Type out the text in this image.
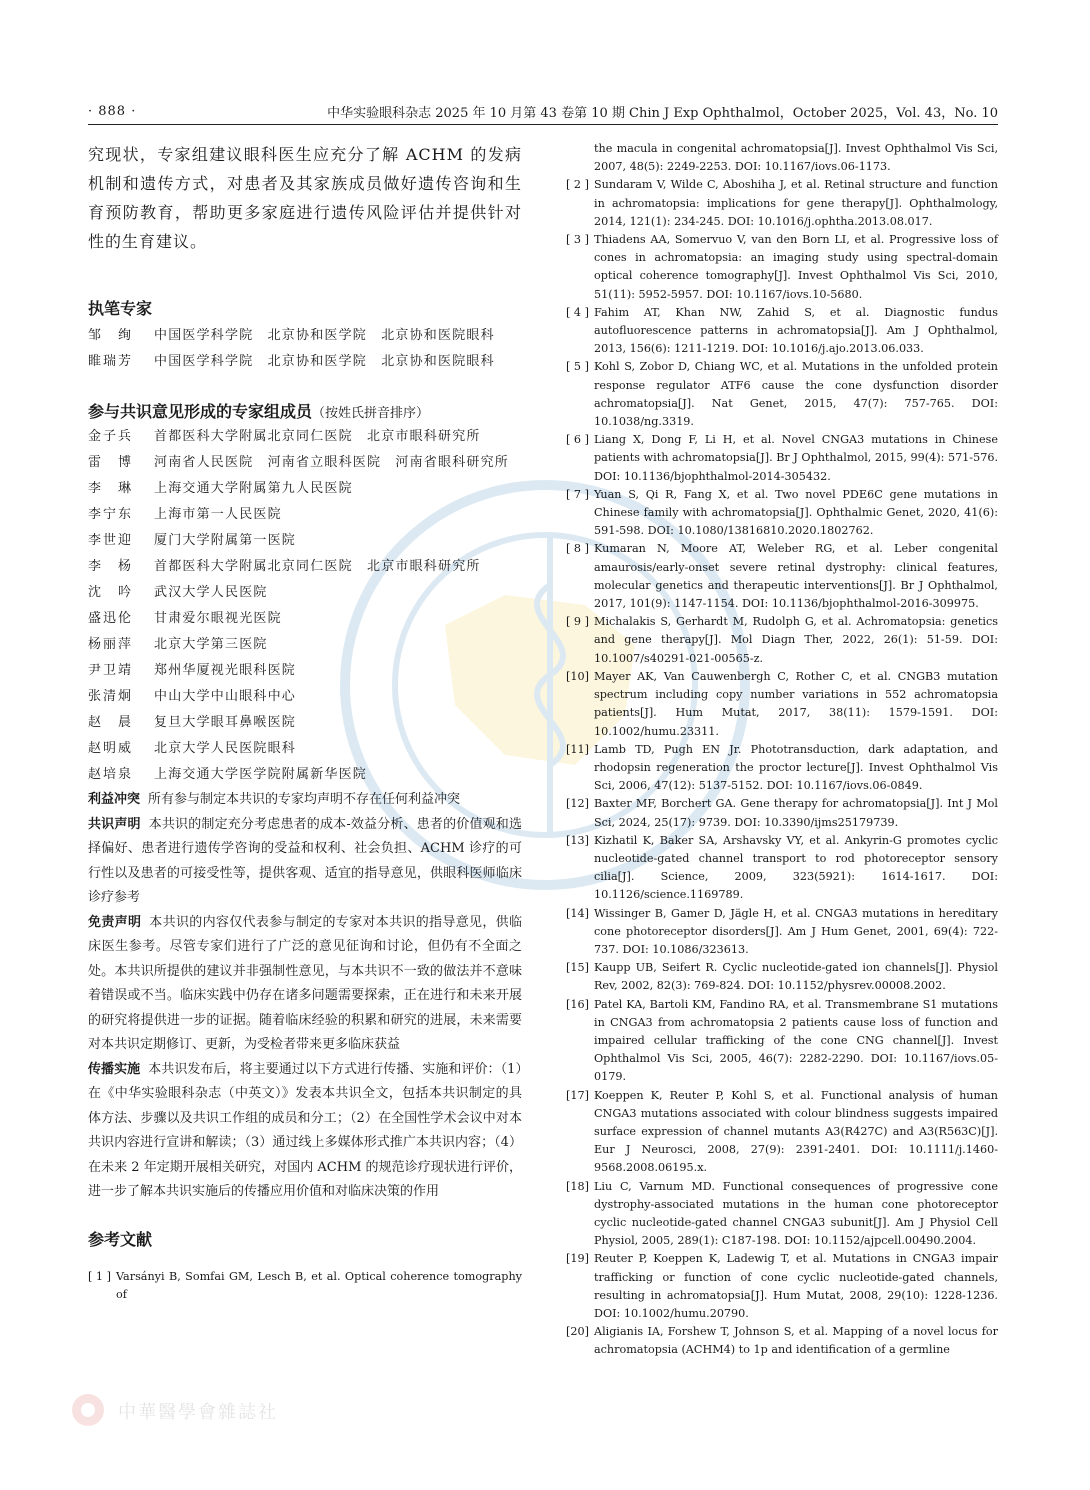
· 888 ·	中华实验眼科杂志 2025 年 10 月第 43 卷第 10 期 Chin J Exp Ophthalmol，October 2025，Vol. 43，No. 10

究现状，专家组建议眼科医生应充分了解 ACHM 的发病机制和遗传方式，对患者及其家族成员做好遗传咨询和生育预防教育，帮助更多家庭进行遗传风险评估并提供针对性的生育建议。

执笔专家
邹　绚	中国医学科学院　北京协和医学院　北京协和医院眼科
睢瑞芳	中国医学科学院　北京协和医学院　北京协和医院眼科
参与共识意见形成的专家组成员（按姓氏拼音排序）
金子兵	首都医科大学附属北京同仁医院　北京市眼科研究所
雷　博	河南省人民医院　河南省立眼科医院　河南省眼科研究所
李　琳	上海交通大学附属第九人民医院
李宁东	上海市第一人民医院
李世迎	厦门大学附属第一医院
李　杨	首都医科大学附属北京同仁医院　北京市眼科研究所
沈　吟	武汉大学人民医院
盛迅伦	甘肃爱尔眼视光医院
杨丽萍	北京大学第三医院
尹卫靖	郑州华厦视光眼科医院
张清炯	中山大学中山眼科中心
赵　晨	复旦大学眼耳鼻喉医院
赵明威	北京大学人民医院眼科
赵培泉	上海交通大学医学院附属新华医院

利益冲突 所有参与制定本共识的专家均声明不存在任何利益冲突

共识声明 本共识的制定充分考虑患者的成本-效益分析、患者的价值观和选择偏好、患者进行遗传学咨询的受益和权利、社会负担、ACHM 诊疗的可行性以及患者的可接受性等，提供客观、适宜的指导意见，供眼科医师临床诊疗参考

免责声明 本共识的内容仅代表参与制定的专家对本共识的指导意见，供临床医生参考。尽管专家们进行了广泛的意见征询和讨论，但仍有不全面之处。本共识所提供的建议并非强制性意见，与本共识不一致的做法并不意味着错误或不当。临床实践中仍存在诸多问题需要探索，正在进行和未来开展的研究将提供进一步的证据。随着临床经验的积累和研究的进展，未来需要对本共识定期修订、更新，为受检者带来更多临床获益

传播实施 本共识发布后，将主要通过以下方式进行传播、实施和评价：（1）在《中华实验眼科杂志（中英文）》发表本共识全文，包括本共识制定的具体方法、步骤以及共识工作组的成员和分工；（2）在全国性学术会议中对本共识内容进行宣讲和解读；（3）通过线上多媒体形式推广本共识内容；（4）在未来 2 年定期开展相关研究，对国内 ACHM 的规范诊疗现状进行评价，进一步了解本共识实施后的传播应用价值和对临床决策的作用

参考文献
[ 1 ] Varsányi B, Somfai GM, Lesch B, et al. Optical coherence tomography of
the macula in congenital achromatopsia[J]. Invest Ophthalmol Vis Sci, 2007, 48(5): 2249-2253. DOI: 10.1167/iovs.06-1173.
[ 2 ] Sundaram V, Wilde C, Aboshiha J, et al. Retinal structure and function in achromatopsia: implications for gene therapy[J]. Ophthalmology, 2014, 121(1): 234-245. DOI: 10.1016/j.ophtha.2013.08.017.
[ 3 ] Thiadens AA, Somervuo V, van den Born LI, et al. Progressive loss of cones in achromatopsia: an imaging study using spectral-domain optical coherence tomography[J]. Invest Ophthalmol Vis Sci, 2010, 51(11): 5952-5957. DOI: 10.1167/iovs.10-5680.
[ 4 ] Fahim AT, Khan NW, Zahid S, et al. Diagnostic fundus autofluorescence patterns in achromatopsia[J]. Am J Ophthalmol, 2013, 156(6): 1211-1219. DOI: 10.1016/j.ajo.2013.06.033.
[ 5 ] Kohl S, Zobor D, Chiang WC, et al. Mutations in the unfolded protein response regulator ATF6 cause the cone dysfunction disorder achromatopsia[J]. Nat Genet, 2015, 47(7): 757-765. DOI: 10.1038/ng.3319.
[ 6 ] Liang X, Dong F, Li H, et al. Novel CNGA3 mutations in Chinese patients with achromatopsia[J]. Br J Ophthalmol, 2015, 99(4): 571-576. DOI: 10.1136/bjophthalmol-2014-305432.
[ 7 ] Yuan S, Qi R, Fang X, et al. Two novel PDE6C gene mutations in Chinese family with achromatopsia[J]. Ophthalmic Genet, 2020, 41(6): 591-598. DOI: 10.1080/13816810.2020.1802762.
[ 8 ] Kumaran N, Moore AT, Weleber RG, et al. Leber congenital amaurosis/early-onset severe retinal dystrophy: clinical features, molecular genetics and therapeutic interventions[J]. Br J Ophthalmol, 2017, 101(9): 1147-1154. DOI: 10.1136/bjophthalmol-2016-309975.
[ 9 ] Michalakis S, Gerhardt M, Rudolph G, et al. Achromatopsia: genetics and gene therapy[J]. Mol Diagn Ther, 2022, 26(1): 51-59. DOI: 10.1007/s40291-021-00565-z.
[10] Mayer AK, Van Cauwenbergh C, Rother C, et al. CNGB3 mutation spectrum including copy number variations in 552 achromatopsia patients[J]. Hum Mutat, 2017, 38(11): 1579-1591. DOI: 10.1002/humu.23311.
[11] Lamb TD, Pugh EN Jr. Phototransduction, dark adaptation, and rhodopsin regeneration the proctor lecture[J]. Invest Ophthalmol Vis Sci, 2006, 47(12): 5137-5152. DOI: 10.1167/iovs.06-0849.
[12] Baxter MF, Borchert GA. Gene therapy for achromatopsia[J]. Int J Mol Sci, 2024, 25(17): 9739. DOI: 10.3390/ijms25179739.
[13] Kizhatil K, Baker SA, Arshavsky VY, et al. Ankyrin-G promotes cyclic nucleotide-gated channel transport to rod photoreceptor sensory cilia[J]. Science, 2009, 323(5921): 1614-1617. DOI: 10.1126/science.1169789.
[14] Wissinger B, Gamer D, Jägle H, et al. CNGA3 mutations in hereditary cone photoreceptor disorders[J]. Am J Hum Genet, 2001, 69(4): 722-737. DOI: 10.1086/323613.
[15] Kaupp UB, Seifert R. Cyclic nucleotide-gated ion channels[J]. Physiol Rev, 2002, 82(3): 769-824. DOI: 10.1152/physrev.00008.2002.
[16] Patel KA, Bartoli KM, Fandino RA, et al. Transmembrane S1 mutations in CNGA3 from achromatopsia 2 patients cause loss of function and impaired cellular trafficking of the cone CNG channel[J]. Invest Ophthalmol Vis Sci, 2005, 46(7): 2282-2290. DOI: 10.1167/iovs.05-0179.
[17] Koeppen K, Reuter P, Kohl S, et al. Functional analysis of human CNGA3 mutations associated with colour blindness suggests impaired surface expression of channel mutants A3(R427C) and A3(R563C)[J]. Eur J Neurosci, 2008, 27(9): 2391-2401. DOI: 10.1111/j.1460-9568.2008.06195.x.
[18] Liu C, Varnum MD. Functional consequences of progressive cone dystrophy-associated mutations in the human cone photoreceptor cyclic nucleotide-gated channel CNGA3 subunit[J]. Am J Physiol Cell Physiol, 2005, 289(1): C187-198. DOI: 10.1152/ajpcell.00490.2004.
[19] Reuter P, Koeppen K, Ladewig T, et al. Mutations in CNGA3 impair trafficking or function of cone cyclic nucleotide-gated channels, resulting in achromatopsia[J]. Hum Mutat, 2008, 29(10): 1228-1236. DOI: 10.1002/humu.20790.
[20] Aligianis IA, Forshew T, Johnson S, et al. Mapping of a novel locus for achromatopsia (ACHM4) to 1p and identification of a germline
中華醫學會雜誌社
